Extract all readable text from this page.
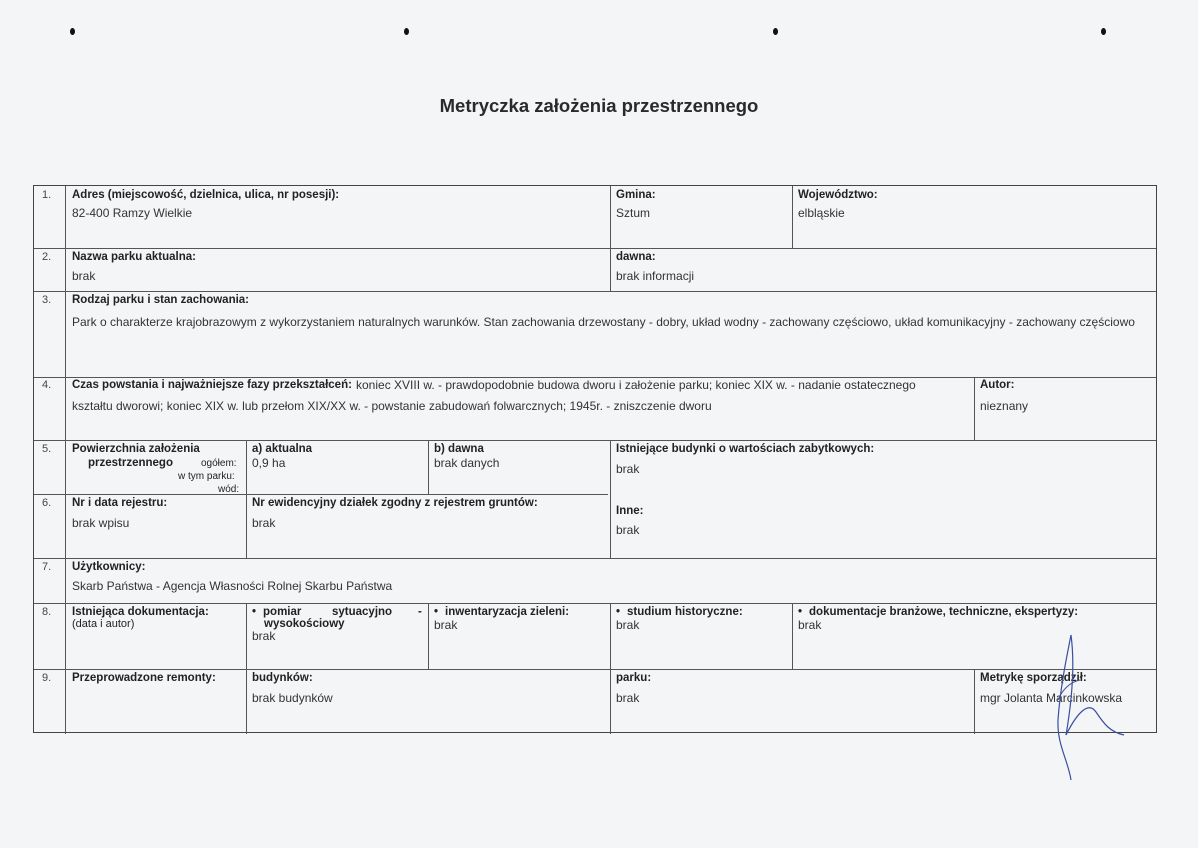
Metryczka założenia przestrzennego
1. Adres (miejscowość, dzielnica, ulica, nr posesji):
82-400 Ramzy Wielkie
Gmina:
Sztum
Województwo:
elbląskie
2. Nazwa parku aktualna:
brak
dawna:
brak informacji
3. Rodzaj parku i stan zachowania:
Park o charakterze krajobrazowym z wykorzystaniem naturalnych warunków. Stan zachowania drzewostany - dobry, układ wodny - zachowany częściowo, układ komunikacyjny - zachowany częściowo
4. Czas powstania i najważniejsze fazy przekształceń: koniec XVIII w. - prawdopodobnie budowa dworu i założenie parku; koniec XIX w. - nadanie ostatecznego
kształtu dworowi; koniec XIX w. lub przełom XIX/XX w. - powstanie zabudowań folwarcznych; 1945r. - zniszczenie dworu
Autor:
nieznany
5. Powierzchnia założenia
przestrzennego	ogółem:
w tym parku:
wód:
a) aktualna
0,9 ha
b) dawna
brak danych
Istniejące budynki o wartościach zabytkowych:
brak
Inne:
brak
6. Nr i data rejestru:
brak wpisu
Nr ewidencyjny działek zgodny z rejestrem gruntów:
brak
7. Użytkownicy:
Skarb Państwa - Agencja Własności Rolnej Skarbu Państwa
8. Istniejąca dokumentacja:
(data i autor)
• pomiar	sytuacyjno -
wysokościowy
brak
• inwentaryzacja zieleni:
brak
• studium historyczne:
brak
• dokumentacje branżowe, techniczne, ekspertyzy:
brak
9. Przeprowadzone remonty:	budynków:
brak budynków
parku:
brak
Metrykę sporządził:
mgr Jolanta Marcinkowska
